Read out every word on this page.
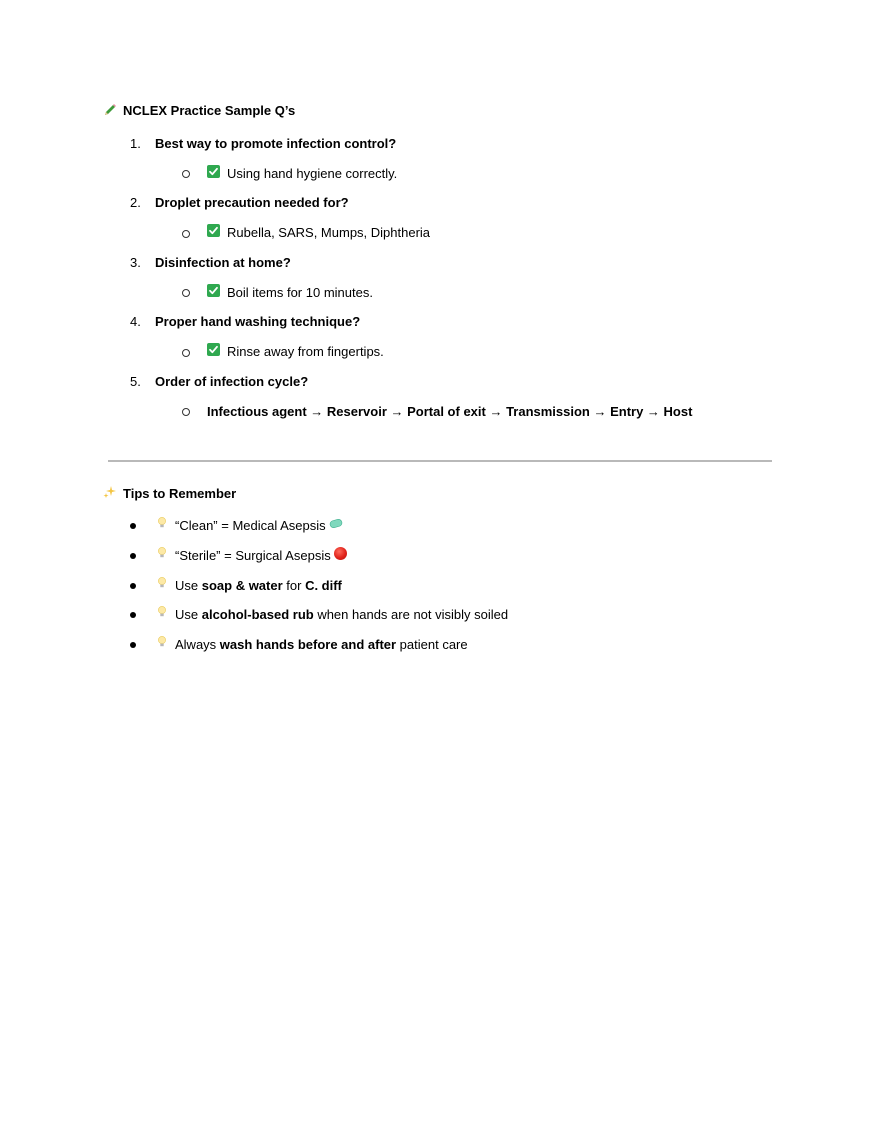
NCLEX Practice Sample Q’s
1. Best way to promote infection control?
Using hand hygiene correctly.
2. Droplet precaution needed for?
Rubella, SARS, Mumps, Diphtheria
3. Disinfection at home?
Boil items for 10 minutes.
4. Proper hand washing technique?
Rinse away from fingertips.
5. Order of infection cycle?
Infectious agent → Reservoir → Portal of exit → Transmission → Entry → Host
Tips to Remember
“Clean” = Medical Asepsis
“Sterile” = Surgical Asepsis
Use soap & water for C. diff
Use alcohol-based rub when hands are not visibly soiled
Always wash hands before and after patient care
